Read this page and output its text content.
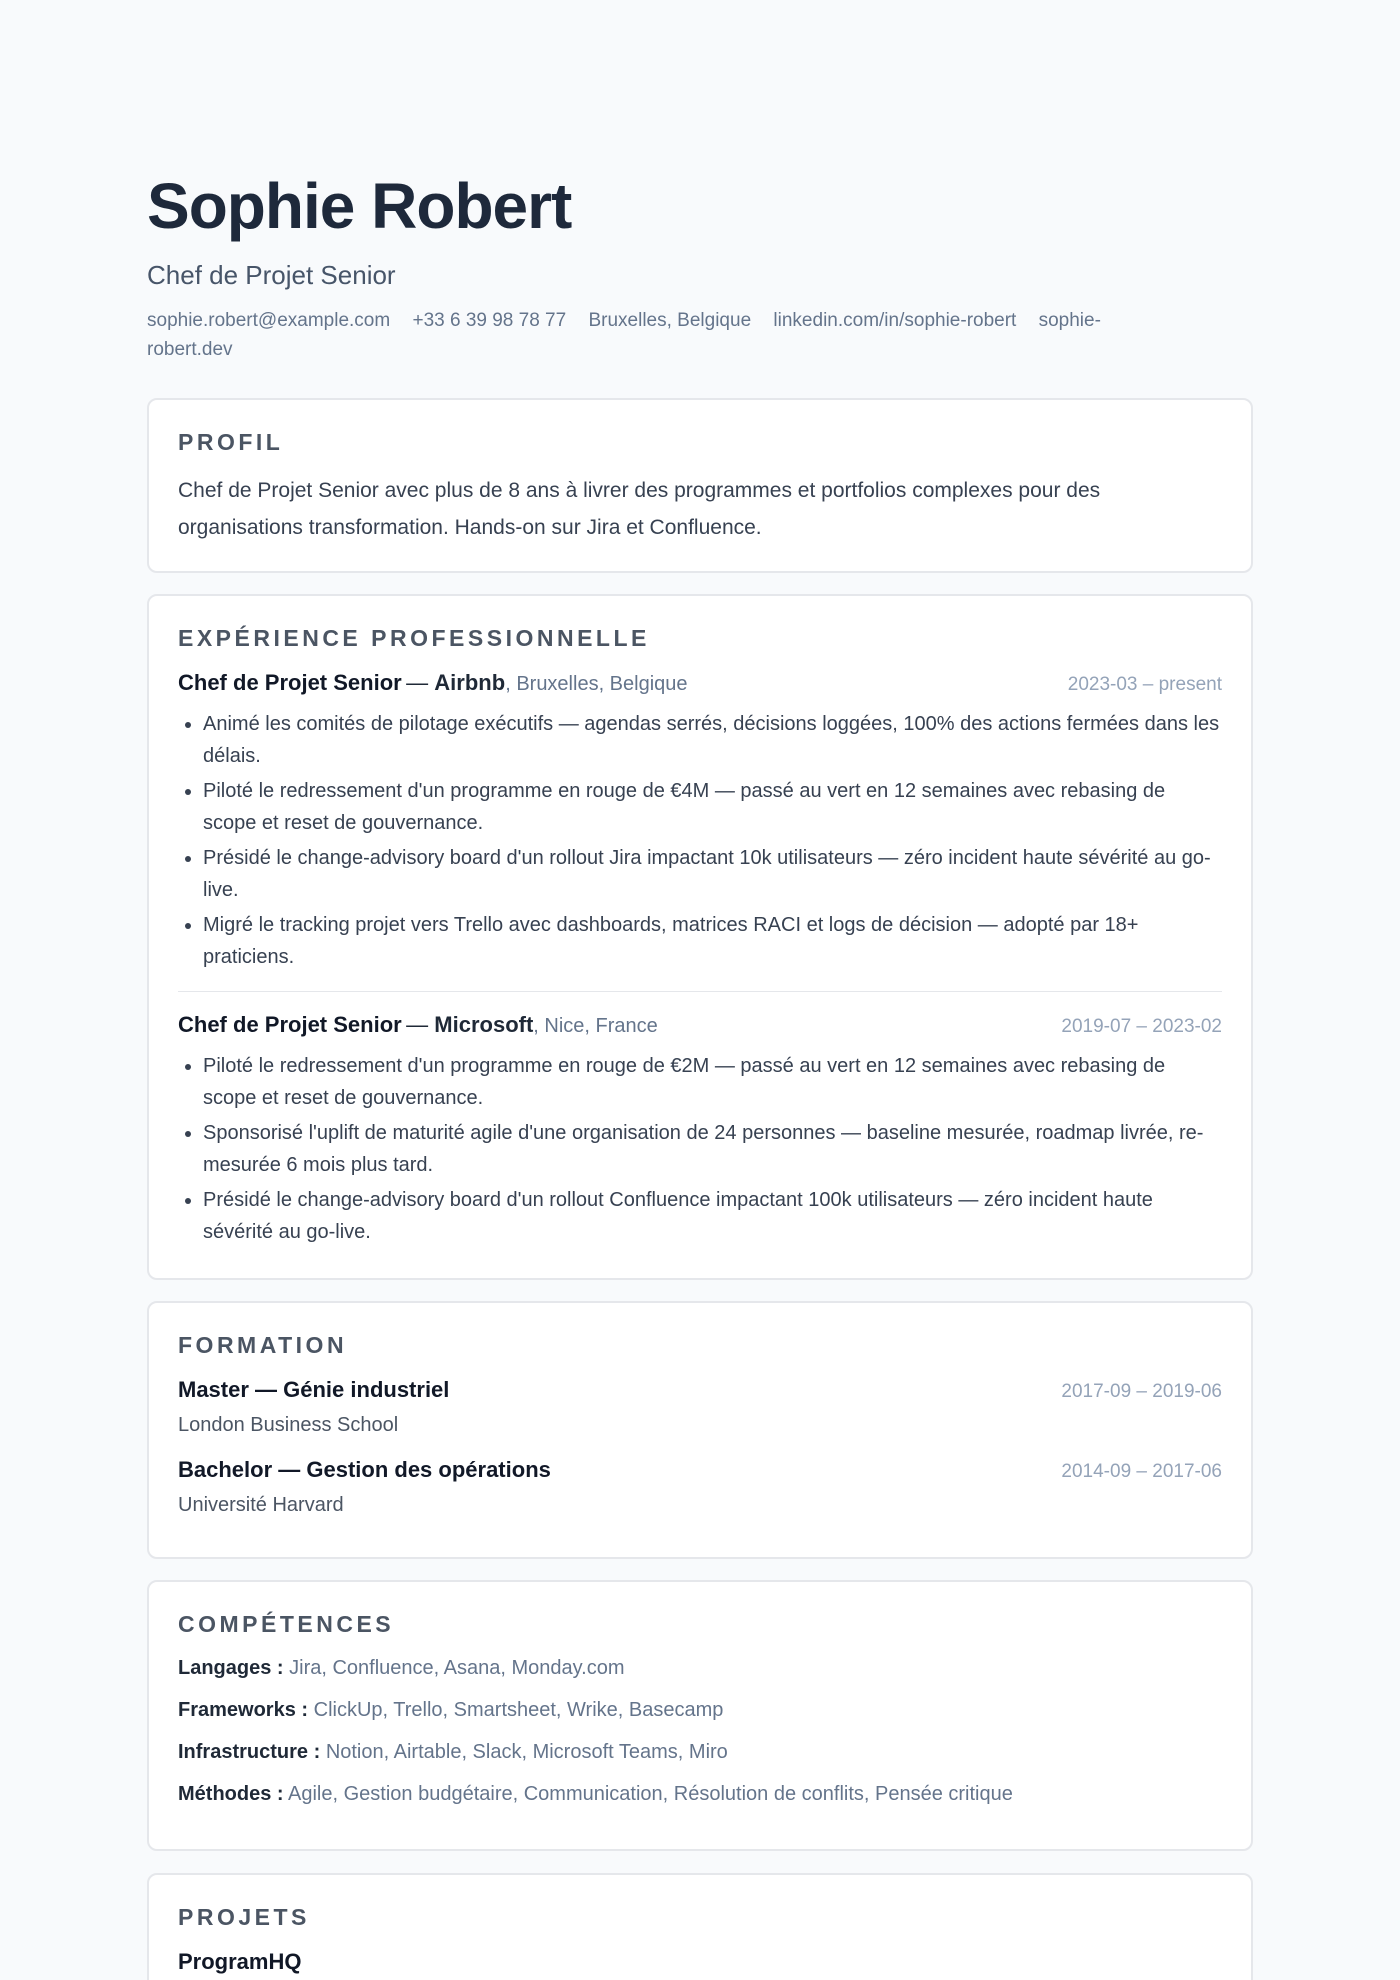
Sophie Robert
Chef de Projet Senior
sophie.robert@example.com +33 6 39 98 78 77 Bruxelles, Belgique linkedin.com/in/sophie-robert sophie-robert.dev
PROFIL

Chef de Projet Senior avec plus de 8 ans à livrer des programmes et portfolios complexes pour des organisations transformation. Hands-on sur Jira et Confluence.

EXPÉRIENCE PROFESSIONNELLE
Chef de Projet Senior — Airbnb, Bruxelles, Belgique	2023-03 – present
• Animé les comités de pilotage exécutifs — agendas serrés, décisions loggées, 100% des actions fermées dans les délais.
• Piloté le redressement d'un programme en rouge de €4M — passé au vert en 12 semaines avec rebasing de scope et reset de gouvernance.
• Présidé le change-advisory board d'un rollout Jira impactant 10k utilisateurs — zéro incident haute sévérité au go-live.
• Migré le tracking projet vers Trello avec dashboards, matrices RACI et logs de décision — adopté par 18+ praticiens.
Chef de Projet Senior — Microsoft, Nice, France	2019-07 – 2023-02
• Piloté le redressement d'un programme en rouge de €2M — passé au vert en 12 semaines avec rebasing de scope et reset de gouvernance.
• Sponsorisé l'uplift de maturité agile d'une organisation de 24 personnes — baseline mesurée, roadmap livrée, re-mesurée 6 mois plus tard.
• Présidé le change-advisory board d'un rollout Confluence impactant 100k utilisateurs — zéro incident haute sévérité au go-live.
FORMATION
Master — Génie industriel	2017-09 – 2019-06
London Business School
Bachelor — Gestion des opérations	2014-09 – 2017-06
Université Harvard
COMPÉTENCES
Langages : Jira, Confluence, Asana, Monday.com
Frameworks : ClickUp, Trello, Smartsheet, Wrike, Basecamp
Infrastructure : Notion, Airtable, Slack, Microsoft Teams, Miro
Méthodes : Agile, Gestion budgétaire, Communication, Résolution de conflits, Pensée critique
PROJETS
ProgramHQ
